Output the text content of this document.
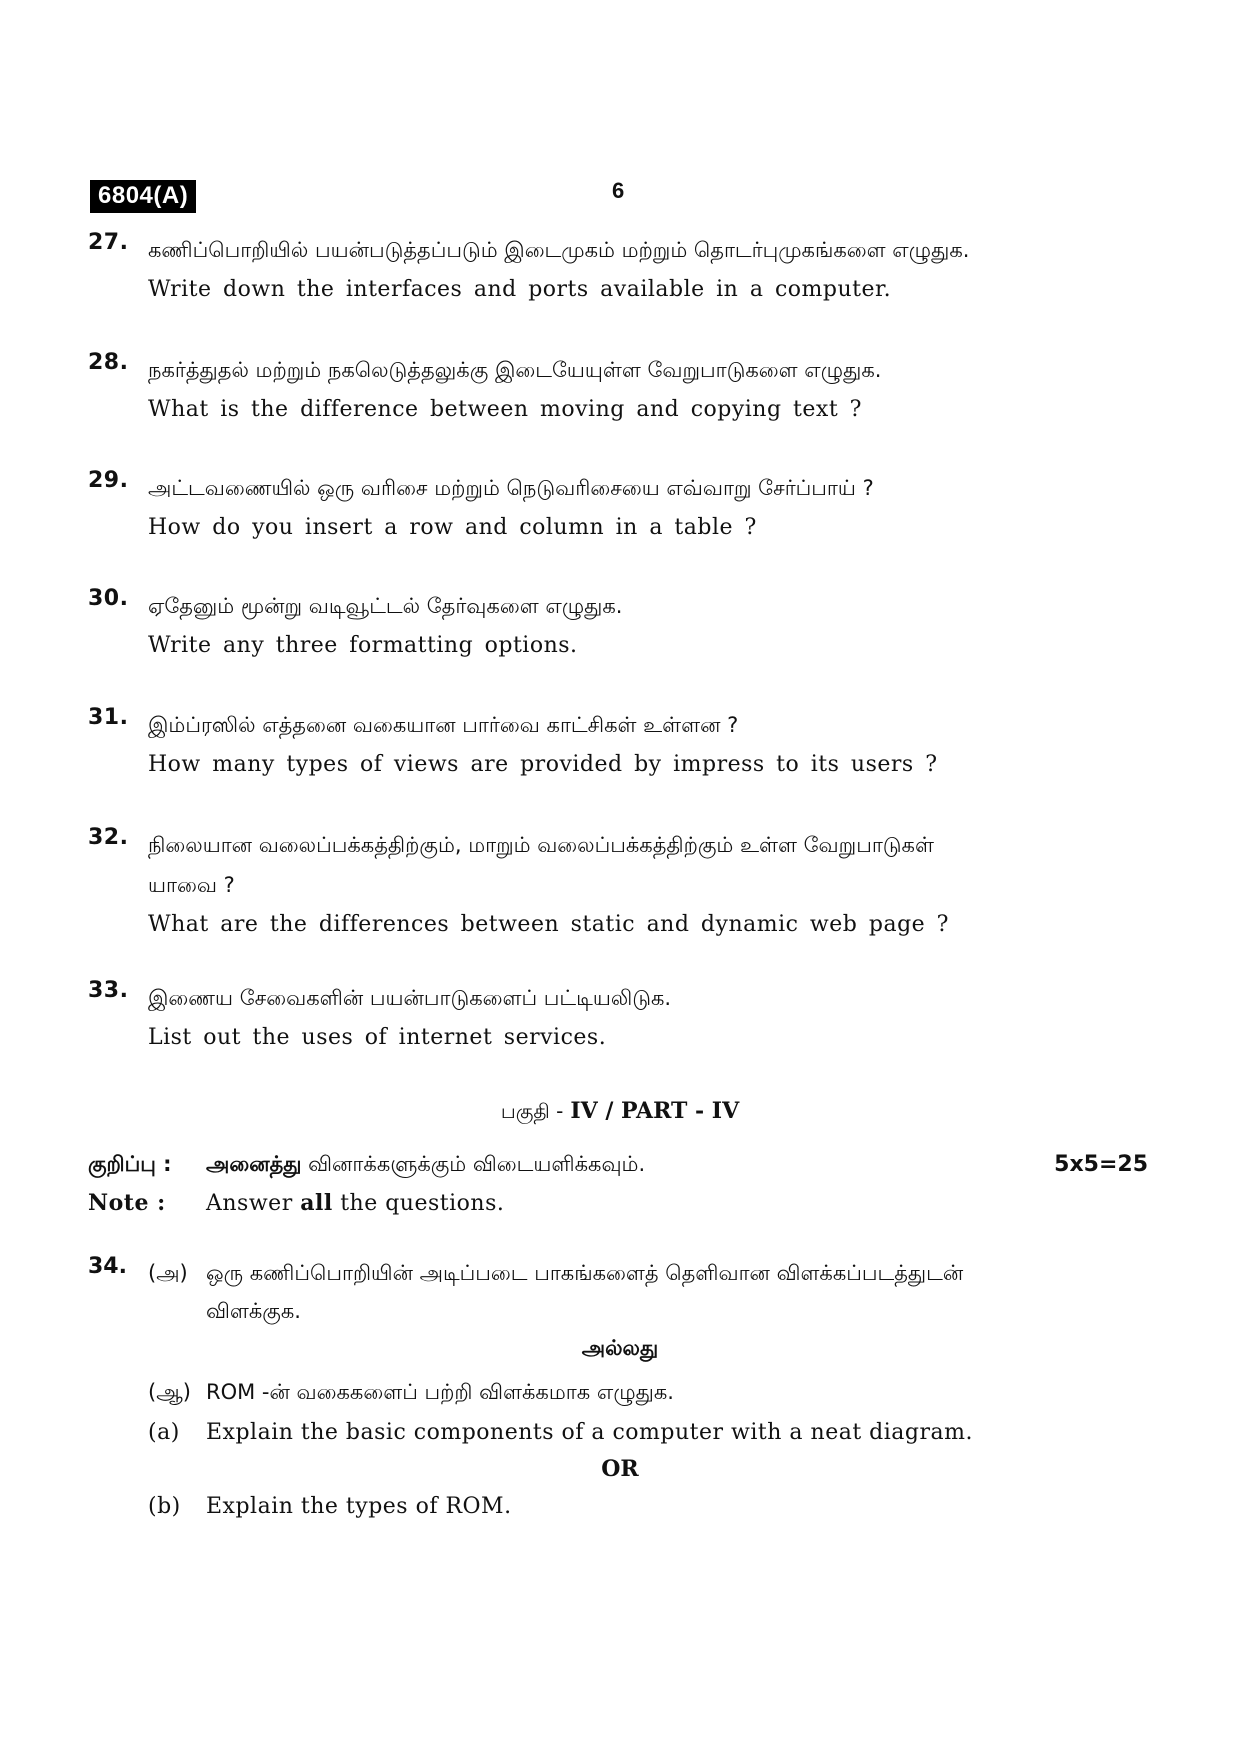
6804(A)	6
27. கணிப்பொறியில் பயன்படுத்தப்படும் இடைமுகம் மற்றும் தொடர்புமுகங்களை எழுதுக.
Write down the interfaces and ports available in a computer.
28. நகர்த்துதல் மற்றும் நகலெடுத்தலுக்கு இடையேயுள்ள வேறுபாடுகளை எழுதுக.
What is the difference between moving and copying text ?
29. அட்டவணையில் ஒரு வரிசை மற்றும் நெடுவரிசையை எவ்வாறு சேர்ப்பாய் ?
How do you insert a row and column in a table ?
30. ஏதேனும் மூன்று வடிவூட்டல் தேர்வுகளை எழுதுக.
Write any three formatting options.
31. இம்ப்ரஸில் எத்தனை வகையான பார்வை காட்சிகள் உள்ளன ?
How many types of views are provided by impress to its users ?
32. நிலையான வலைப்பக்கத்திற்கும், மாறும் வலைப்பக்கத்திற்கும் உள்ள வேறுபாடுகள்
யாவை ?
What are the differences between static and dynamic web page ?
33. இணைய சேவைகளின் பயன்பாடுகளைப் பட்டியலிடுக.
List out the uses of internet services.
பகுதி - IV / PART - IV
குறிப்பு : அனைத்து வினாக்களுக்கும் விடையளிக்கவும்.	5x5=25
Note : Answer all the questions.
34. (அ) ஒரு கணிப்பொறியின் அடிப்படை பாகங்களைத் தெளிவான விளக்கப்படத்துடன்
விளக்குக.
அல்லது
(ஆ) ROM -ன் வகைகளைப் பற்றி விளக்கமாக எழுதுக.
(a) Explain the basic components of a computer with a neat diagram.
OR
(b) Explain the types of ROM.
